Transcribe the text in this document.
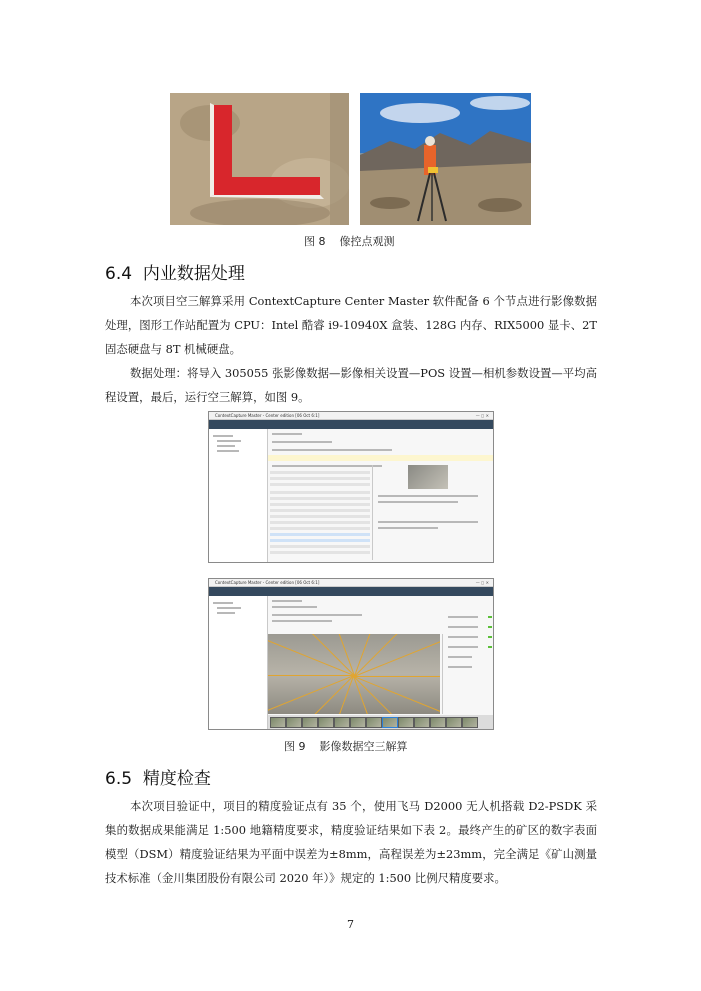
图 8    像控点观测
6.4  内业数据处理
本次项目空三解算采用 ContextCapture Center Master 软件配备 6 个节点进行影像数据处理，图形工作站配置为 CPU：Intel 酷睿 i9-10940X 盒装、128G 内存、RIX5000 显卡、2T 固态硬盘与 8T 机械硬盘。
数据处理：将导入 305055 张影像数据—影像相关设置—POS 设置—相机参数设置—平均高程设置，最后，运行空三解算，如图 9。
ContextCapture Master - Center edition [06 Oct 6:1]	— ◻ ✕
ContextCapture Master - Center edition [06 Oct 6:1]	— ◻ ✕
图 9    影像数据空三解算
6.5  精度检查
本次项目验证中，项目的精度验证点有 35 个，使用飞马 D2000 无人机搭载 D2-PSDK 采集的数据成果能满足 1:500 地籍精度要求，精度验证结果如下表 2。最终产生的矿区的数字表面模型（DSM）精度验证结果为平面中误差为±8mm，高程误差为±23mm，完全满足《矿山测量技术标准（金川集团股份有限公司 2020 年）》规定的 1:500 比例尺精度要求。
7
